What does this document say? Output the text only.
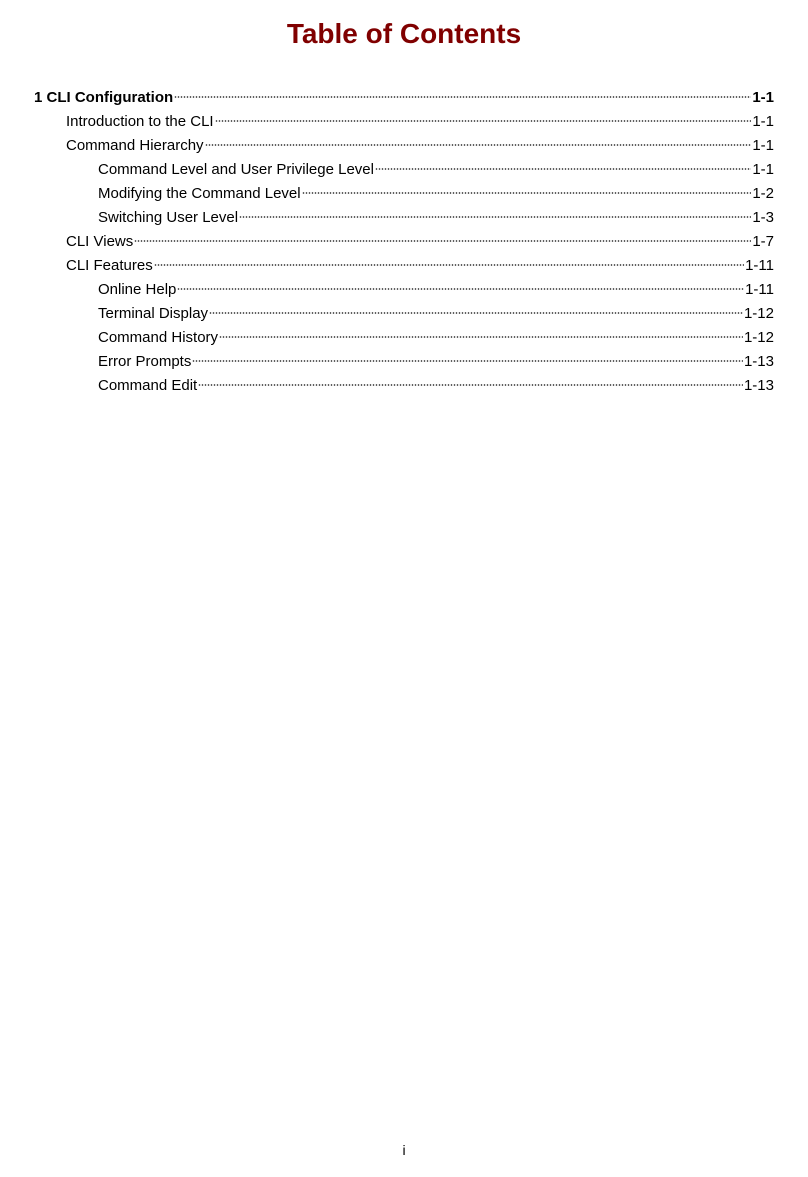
Table of Contents
1 CLI Configuration	1-1
Introduction to the CLI	1-1
Command Hierarchy	1-1
Command Level and User Privilege Level	1-1
Modifying the Command Level	1-2
Switching User Level	1-3
CLI Views	1-7
CLI Features	1-11
Online Help	1-11
Terminal Display	1-12
Command History	1-12
Error Prompts	1-13
Command Edit	1-13
i
